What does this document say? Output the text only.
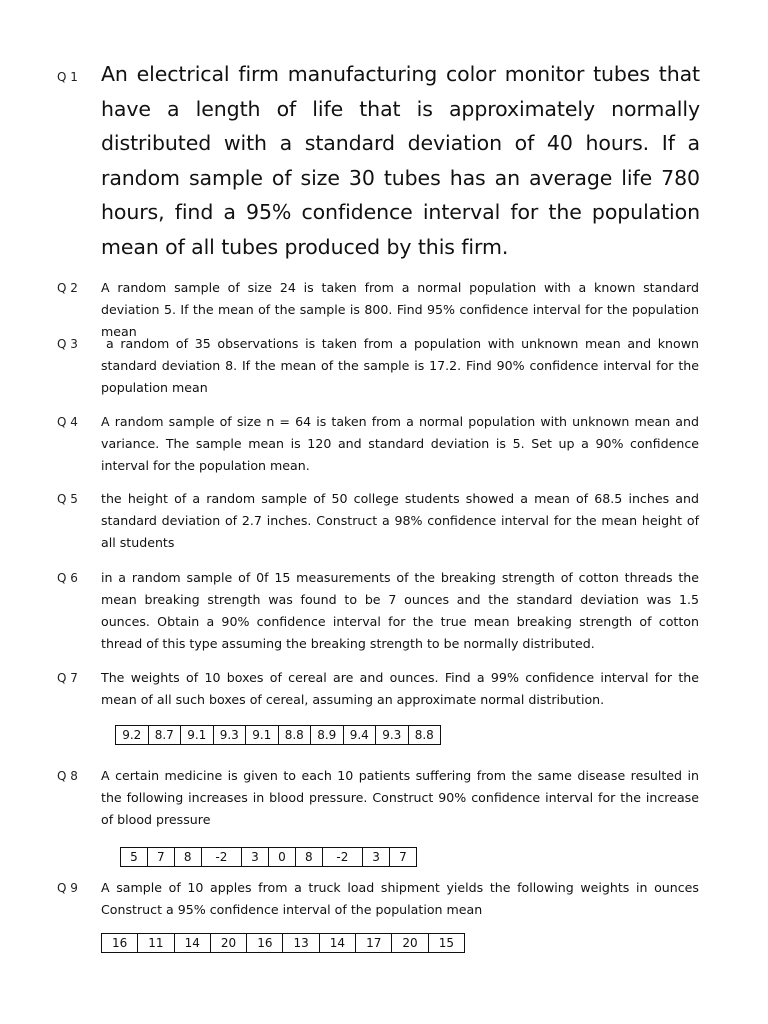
Q 1 An electrical firm manufacturing color monitor tubes that have a length of life that is approximately normally distributed with a standard deviation of 40 hours. If a random sample of size 30 tubes has an average life 780 hours, find a 95% confidence interval for the population mean of all tubes produced by this firm.
Q 2 A random sample of size 24 is taken from a normal population with a known standard deviation 5. If the mean of the sample is 800. Find 95% confidence interval for the population mean
Q 3	a random of 35 observations is taken from a population with unknown mean and known standard deviation 8. If the mean of the sample is 17.2. Find 90% confidence interval for the population mean
Q 4 A random sample of size n = 64 is taken from a normal population with unknown mean and variance. The sample mean is 120 and standard deviation is 5. Set up a 90% confidence interval for the population mean.
Q 5 the height of a random sample of 50 college students showed a mean of 68.5 inches and standard deviation of 2.7 inches. Construct a 98% confidence interval for the mean height of all students
Q 6 in a random sample of 0f 15 measurements of the breaking strength of cotton threads the mean breaking strength was found to be 7 ounces and the standard deviation was 1.5 ounces. Obtain a 90% confidence interval for the true mean breaking strength of cotton thread of this type assuming the breaking strength to be normally distributed.
Q 7 The weights of 10 boxes of cereal are and ounces. Find a 99% confidence interval for the mean of all such boxes of cereal, assuming an approximate normal distribution.
9.2	8.7	9.1	9.3	9.1	8.8	8.9	9.4	9.3	8.8
Q 8 A certain medicine is given to each 10 patients suffering from the same disease resulted in the following increases in blood pressure. Construct 90% confidence interval for the increase of blood pressure
5	7	8	-2	3	0	8	-2	3	7
Q 9 A sample of 10 apples from a truck load shipment yields the following weights in ounces Construct a 95% confidence interval of the population mean
16	11	14	20	16	13	14	17	20	15
